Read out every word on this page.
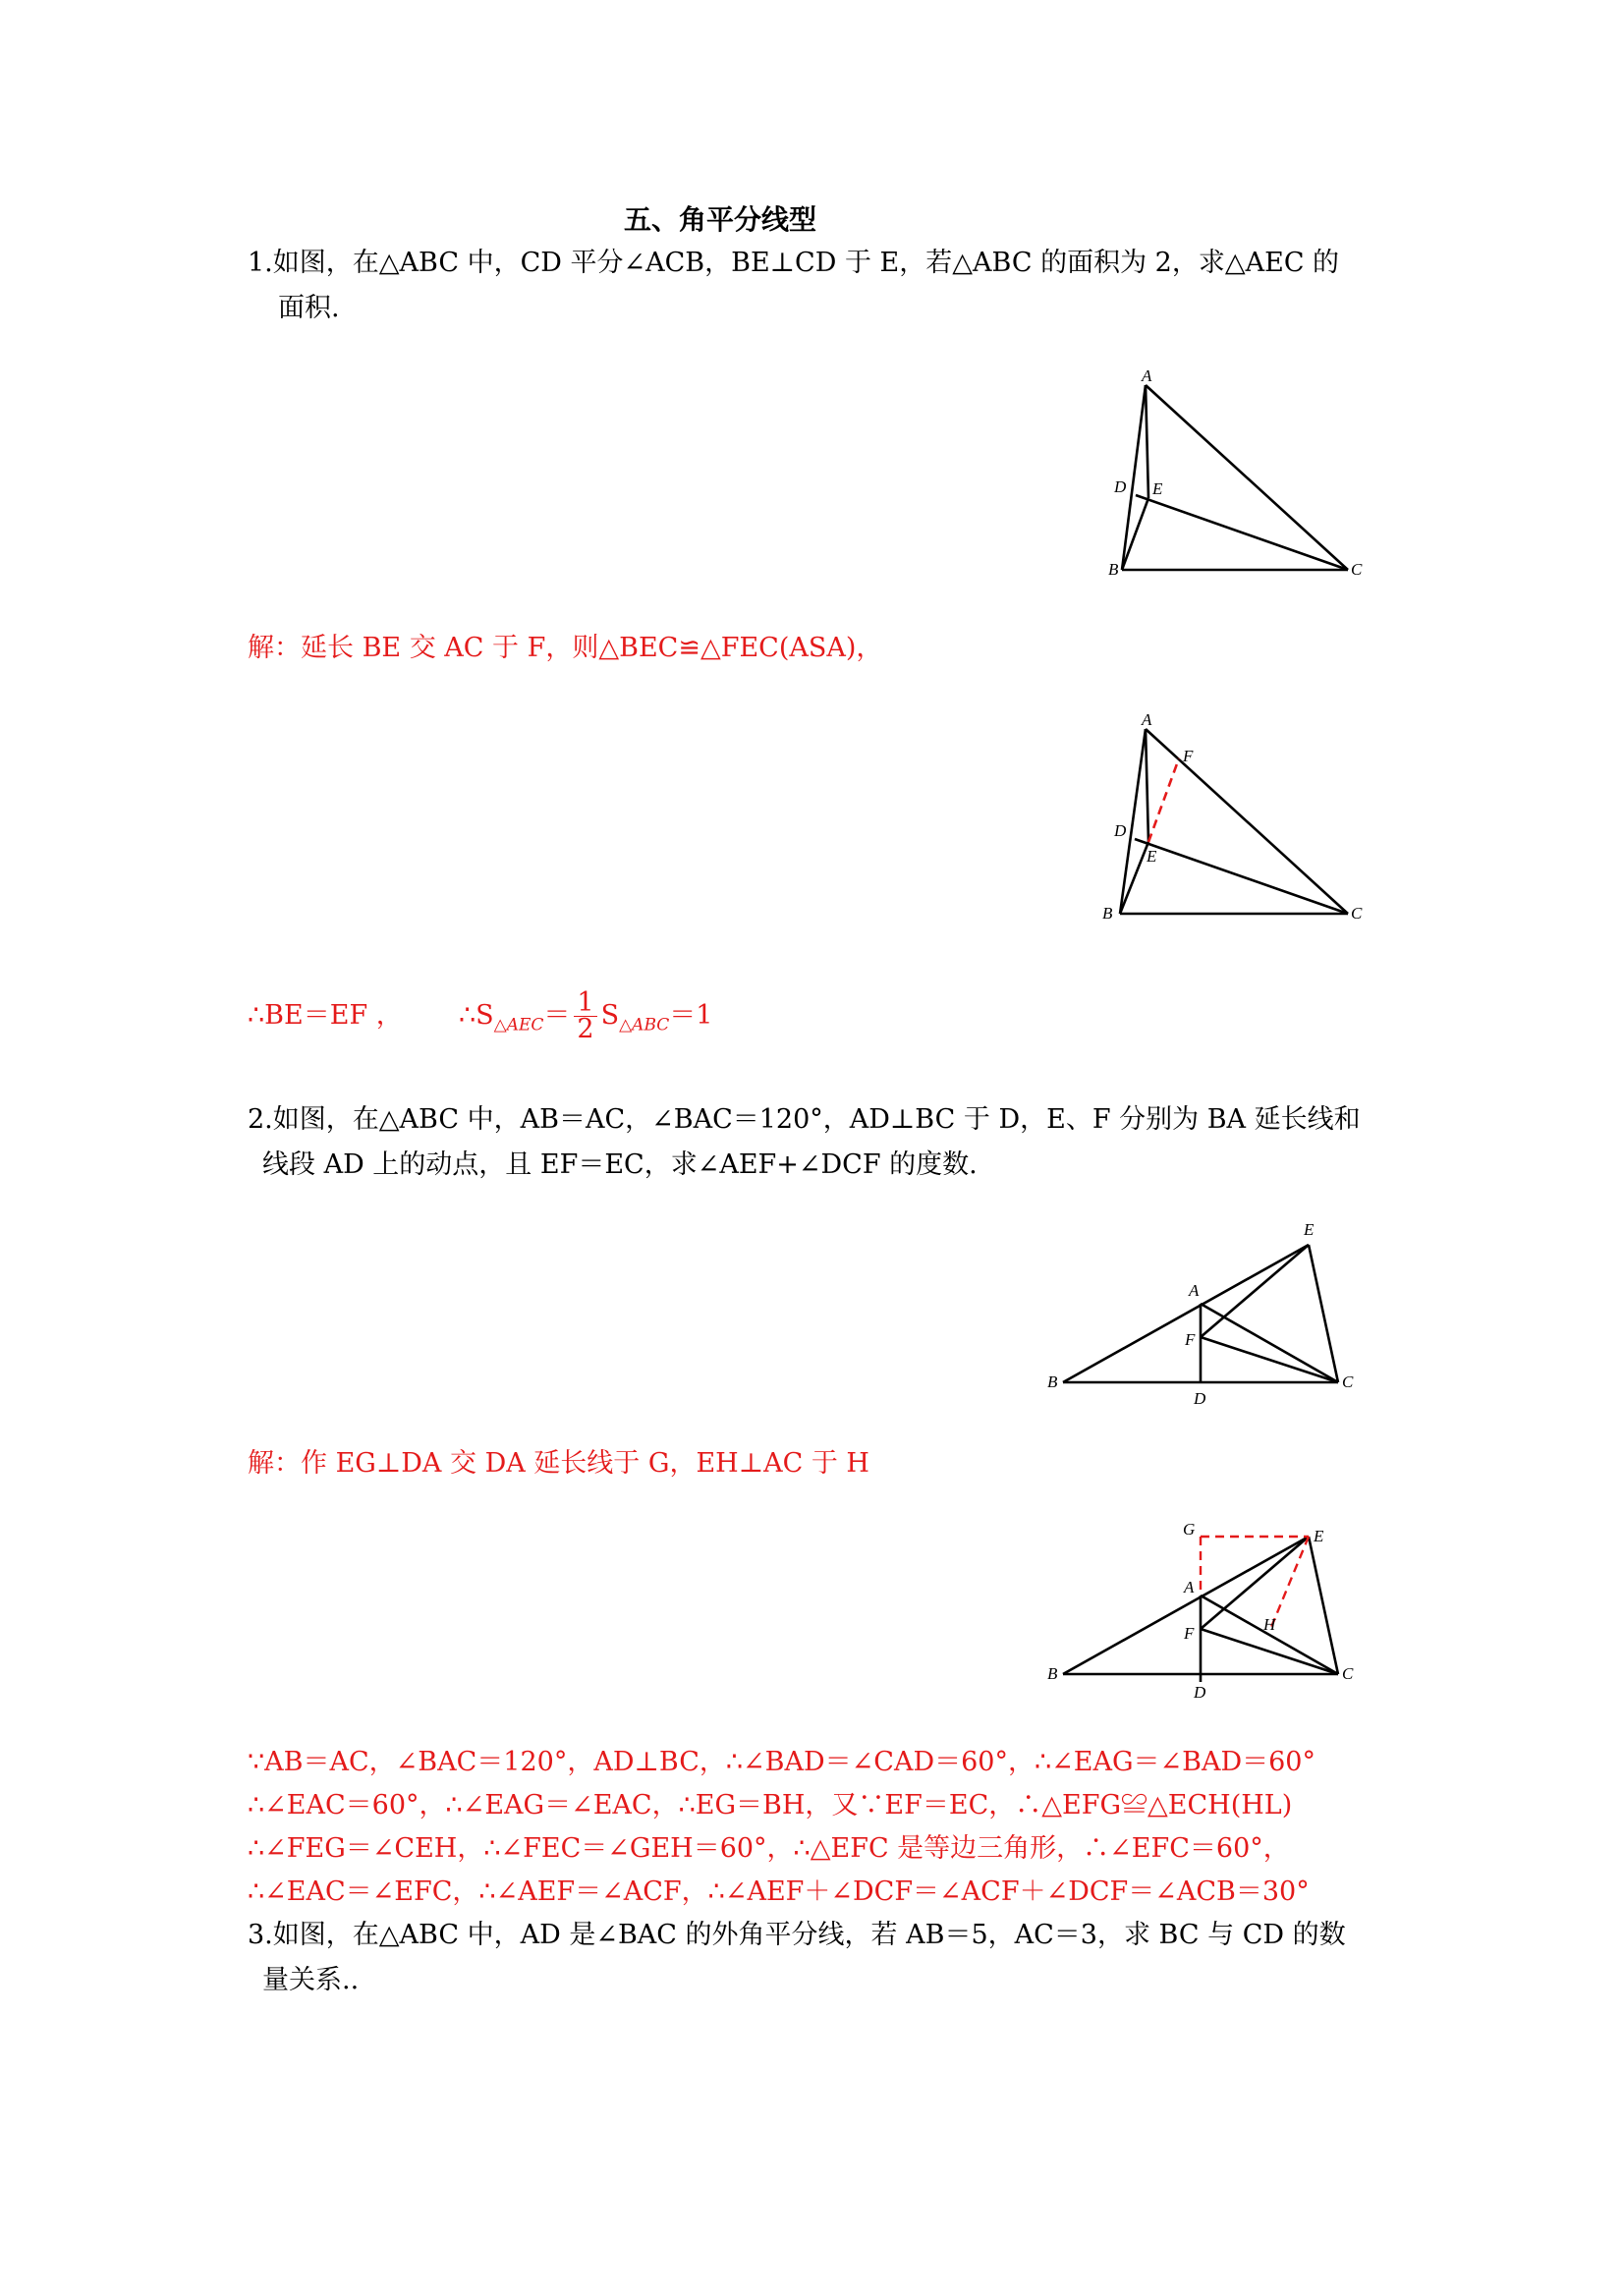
五、角平分线型
1.如图，在△ABC 中，CD 平分∠ACB，BE⊥CD 于 E，若△ABC 的面积为 2，求△AEC 的
面积.
A
B	C
D E
解：延长 BE 交 AC 于 F，则△BEC≌△FEC(ASA)，
A
B	C
D
E
F
∴BE＝EF ， $\therefore S_{\triangle AEC}= \frac{1}{2} S_{\triangle ABC}=1$
2.如图，在△ABC 中，AB＝AC，∠BAC＝120°，AD⊥BC 于 D，E、F 分别为 BA 延长线和
线段 AD 上的动点，且 EF＝EC，求∠AEF+∠DCF 的度数.
A
B	C
D
E
F
解：作 EG⊥DA 交 DA 延长线于 G，EH⊥AC 于 H
G	E
A
F	H
B	C
D
∵AB＝AC，∠BAC＝120°，AD⊥BC，∴∠BAD＝∠CAD＝60°，∴∠EAG＝∠BAD＝60°
∴∠EAC＝60°，∴∠EAG＝∠EAC，∴EG＝BH，又∵EF＝EC，∴△EFG≌△ECH(HL)
∴∠FEG＝∠CEH，∴∠FEC＝∠GEH＝60°，∴△EFC 是等边三角形，∴∠EFC＝60°，
∴∠EAC＝∠EFC，∴∠AEF＝∠ACF，∴∠AEF＋∠DCF＝∠ACF＋∠DCF＝∠ACB＝30°
3.如图，在△ABC 中，AD 是∠BAC 的外角平分线，若 AB＝5，AC＝3，求 BC 与 CD 的数
量关系..
